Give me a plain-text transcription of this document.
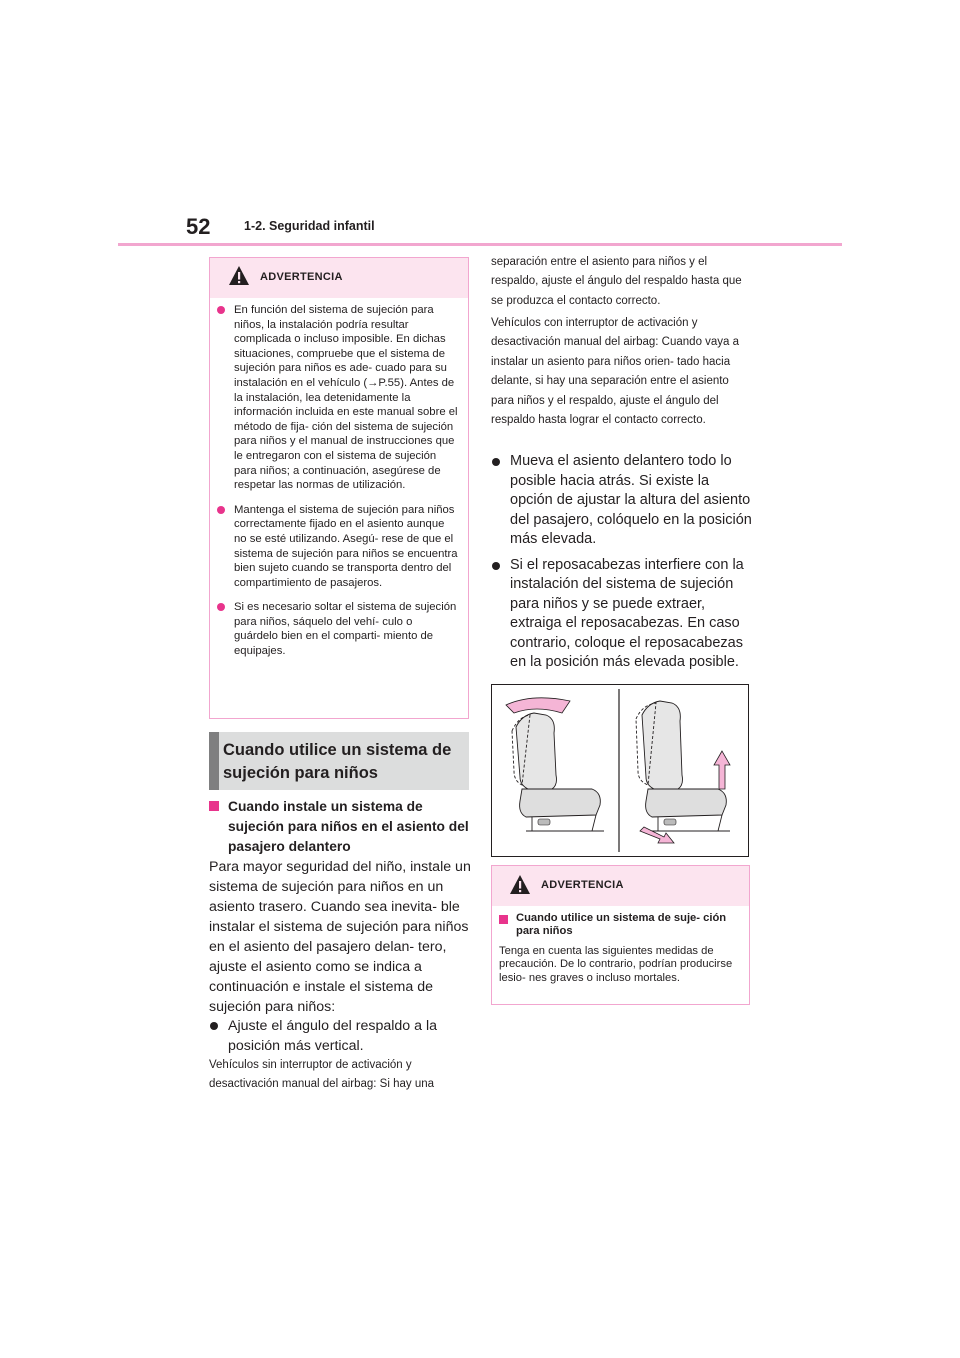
52	1-2. Seguridad infantil
ADVERTENCIA
En función del sistema de sujeción para niños, la instalación podría resultar complicada o incluso imposible. En dichas situaciones, compruebe que el sistema de sujeción para niños es ade- cuado para su instalación en el vehículo (→P.55). Antes de la instalación, lea detenidamente la información incluida en este manual sobre el método de fija- ción del sistema de sujeción para niños y el manual de instrucciones que le entregaron con el sistema de sujeción para niños; a continuación, asegúrese de respetar las normas de utilización.
Mantenga el sistema de sujeción para niños correctamente fijado en el asiento aunque no se esté utilizando. Asegú- rese de que el sistema de sujeción para niños se encuentra bien sujeto cuando se transporta dentro del compartimiento de pasajeros.
Si es necesario soltar el sistema de sujeción para niños, sáquelo del vehí- culo o guárdelo bien en el comparti- miento de equipajes.
Cuando utilice un sistema de sujeción para niños
Cuando instale un sistema de sujeción para niños en el asiento del pasajero delantero
Para mayor seguridad del niño, instale un sistema de sujeción para niños en un asiento trasero. Cuando sea inevita- ble instalar el sistema de sujeción para niños en el asiento del pasajero delan- tero, ajuste el asiento como se indica a continuación e instale el sistema de sujeción para niños:
Ajuste el ángulo del respaldo a la posición más vertical.
Vehículos sin interruptor de activación y desactivación manual del airbag: Si hay una
separación entre el asiento para niños y el respaldo, ajuste el ángulo del respaldo hasta que se produzca el contacto correcto.
Vehículos con interruptor de activación y desactivación manual del airbag: Cuando vaya a instalar un asiento para niños orien- tado hacia delante, si hay una separación entre el asiento para niños y el respaldo, ajuste el ángulo del respaldo hasta lograr el contacto correcto.
Mueva el asiento delantero todo lo posible hacia atrás. Si existe la opción de ajustar la altura del asiento del pasajero, colóquelo en la posición más elevada.
Si el reposacabezas interfiere con la instalación del sistema de sujeción para niños y se puede extraer, extraiga el reposacabezas. En caso contrario, coloque el reposacabezas en la posición más elevada posible.
ADVERTENCIA
Cuando utilice un sistema de suje- ción para niños
Tenga en cuenta las siguientes medidas de precaución. De lo contrario, podrían producirse lesio- nes graves o incluso mortales.
